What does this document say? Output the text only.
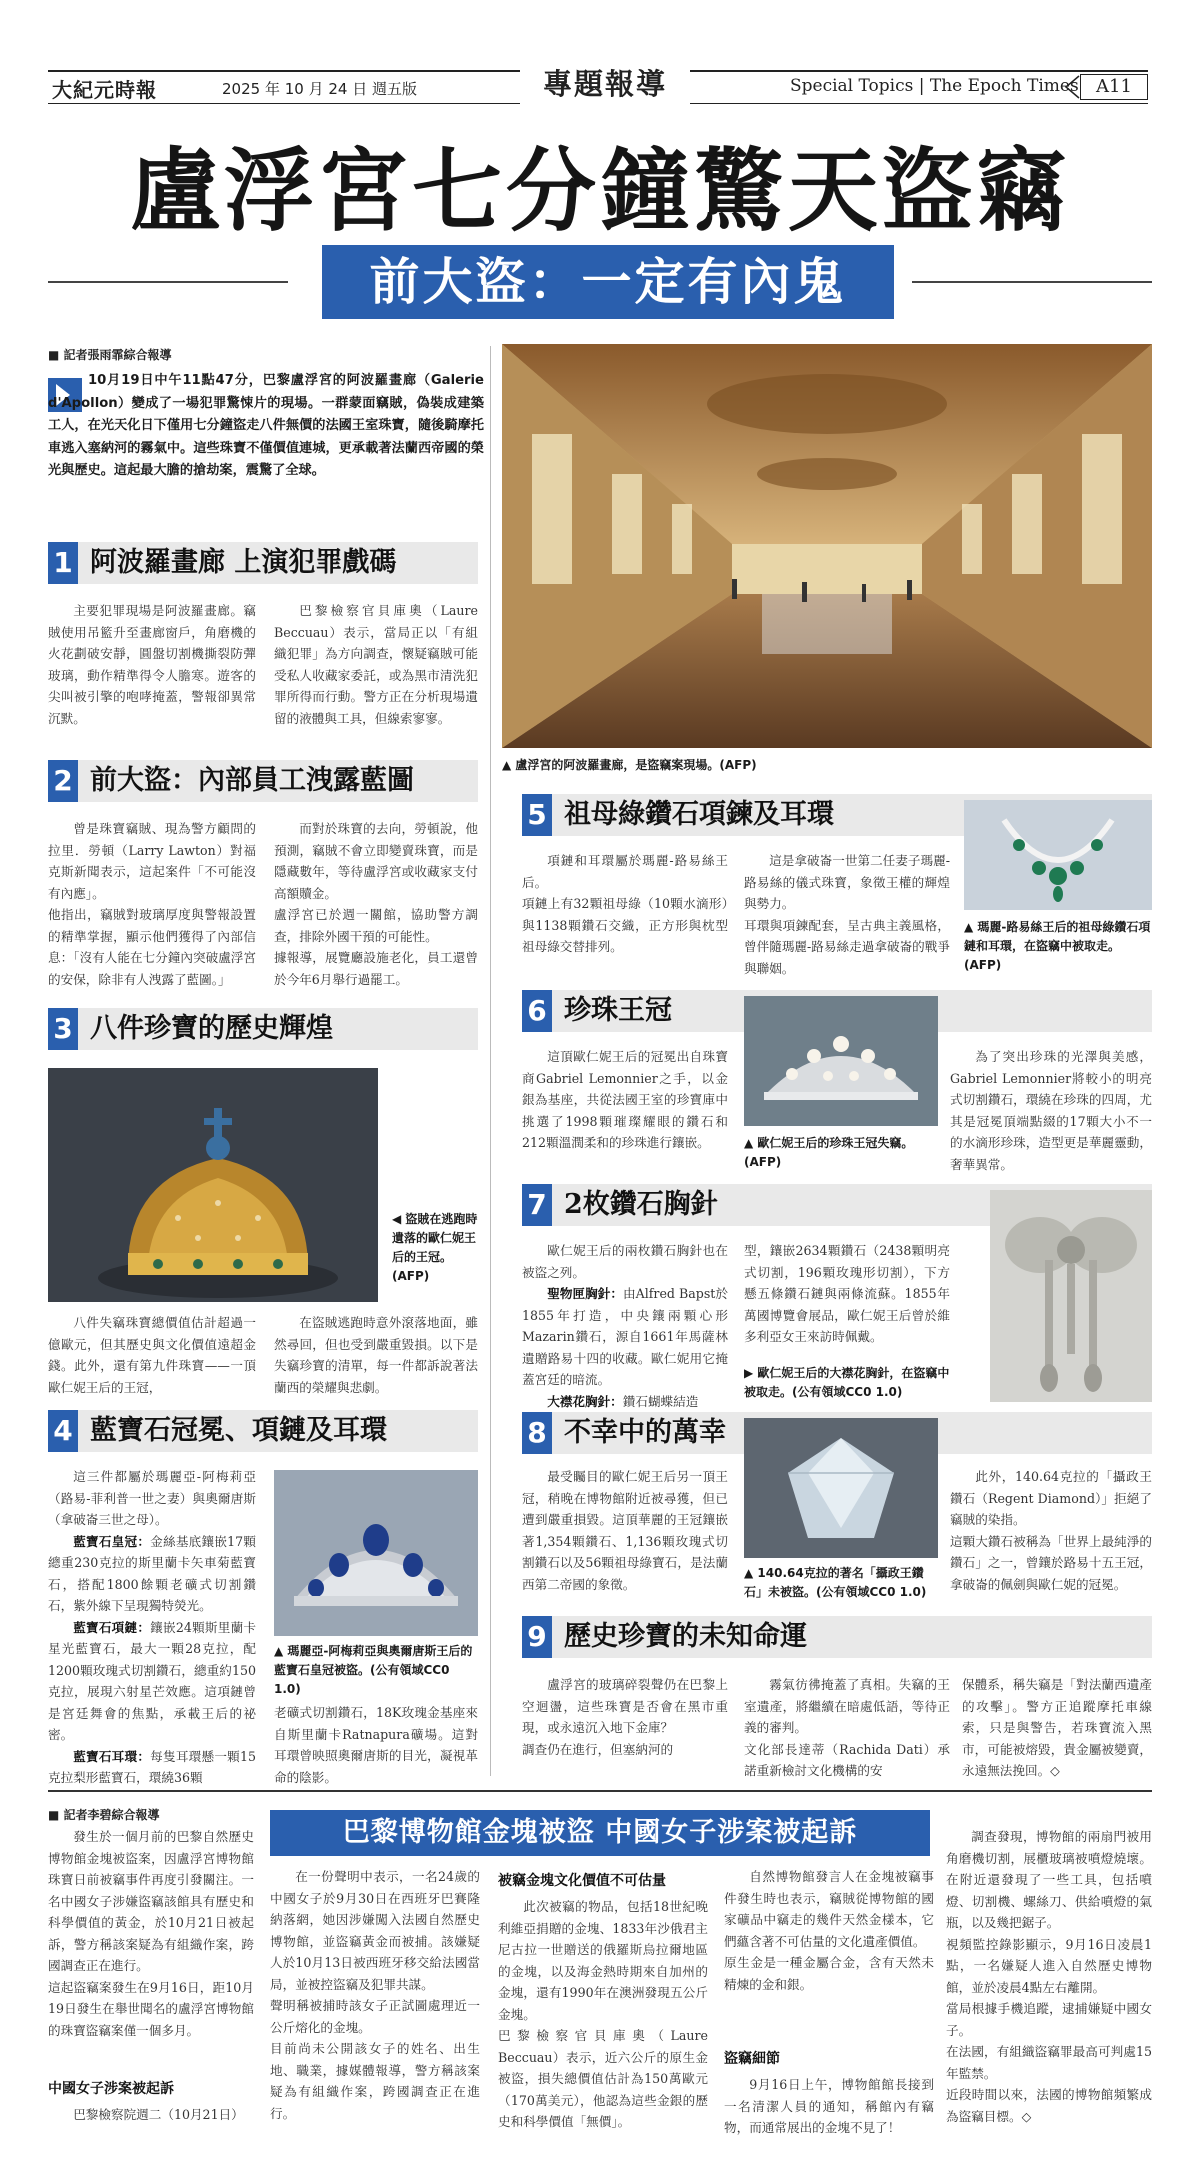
大紀元時報	2025 年 10 月 24 日 週五版	專題報導	Special Topics | The Epoch Times A11
盧浮宮七分鐘驚天盜竊
前大盜：一定有內鬼
■ 記者張雨霏綜合報導
10月19日中午11點47分，巴黎盧浮宮的阿波羅畫廊（Galerie d'Apollon）變成了一場犯罪驚悚片的現場。一群蒙面竊賊，偽裝成建築工人，在光天化日下僅用七分鐘盜走八件無價的法國王室珠寶，隨後騎摩托車逃入塞納河的霧氣中。這些珠寶不僅價值連城，更承載著法蘭西帝國的榮光與歷史。這起最大膽的搶劫案，震驚了全球。
▲ 盧浮宮的阿波羅畫廊，是盜竊案現場。(AFP)
1 阿波羅畫廊 上演犯罪戲碼
主要犯罪現場是阿波羅畫廊。竊賊使用吊籃升至畫廊窗戶，角磨機的火花劃破安靜，圓盤切割機撕裂防彈玻璃，動作精準得令人膽寒。遊客的尖叫被引擎的咆哮掩蓋，警報卻異常沉默。
巴黎檢察官貝庫奧（Laure Beccuau）表示，當局正以「有組織犯罪」為方向調查，懷疑竊賊可能受私人收藏家委託，或為黑市清洗犯罪所得而行動。警方正在分析現場遺留的液體與工具，但線索寥寥。
2 前大盜：內部員工洩露藍圖
曾是珠寶竊賊、現為警方顧問的拉里．勞頓（Larry Lawton）對福克斯新聞表示，這起案件「不可能沒有內應」。
他指出，竊賊對玻璃厚度與警報設置的精準掌握，顯示他們獲得了內部信息：「沒有人能在七分鐘內突破盧浮宮的安保，除非有人洩露了藍圖。」
而對於珠寶的去向，勞頓說，他預測，竊賊不會立即變賣珠寶，而是隱藏數年，等待盧浮宮或收藏家支付高額贖金。
盧浮宮已於週一關館，協助警方調查，排除外國干預的可能性。
據報導，展覽廳設施老化，員工還曾於今年6月舉行過罷工。
3 八件珍寶的歷史輝煌
◀ 盜賊在逃跑時遺落的歐仁妮王后的王冠。(AFP)
八件失竊珠寶總價值估計超過一億歐元，但其歷史與文化價值遠超金錢。此外，還有第九件珠寶——一頂歐仁妮王后的王冠，
在盜賊逃跑時意外滾落地面，雖然尋回，但也受到嚴重毀損。以下是失竊珍寶的清單，每一件都訴說著法蘭西的榮耀與悲劇。
4 藍寶石冠冕、項鏈及耳環
這三件都屬於瑪麗亞-阿梅莉亞（路易-菲利普一世之妻）與奧爾唐斯（拿破崙三世之母）。
藍寶石皇冠：金絲基底鑲嵌17顆總重230克拉的斯里蘭卡矢車菊藍寶石，搭配1800餘顆老礦式切割鑽石，紫外線下呈現獨特熒光。
藍寶石項鏈：鑲嵌24顆斯里蘭卡星光藍寶石，最大一顆28克拉，配1200顆玫瑰式切割鑽石，總重約150克拉，展現六射星芒效應。這項鏈曾是宮廷舞會的焦點，承載王后的祕密。
藍寶石耳環：每隻耳環懸一顆15克拉梨形藍寶石，環繞36顆
▲ 瑪麗亞-阿梅莉亞與奧爾唐斯王后的藍寶石皇冠被盜。(公有領域CC0 1.0)
老礦式切割鑽石，18K玫瑰金基座來自斯里蘭卡Ratnapura礦場。這對耳環曾映照奧爾唐斯的目光，凝視革命的陰影。
5 祖母綠鑽石項鍊及耳環
項鏈和耳環屬於瑪麗-路易絲王后。
項鏈上有32顆祖母綠（10顆水滴形）與1138顆鑽石交織，正方形與枕型祖母綠交替排列。
這是拿破崙一世第二任妻子瑪麗-路易絲的儀式珠寶，象徵王權的輝煌與勢力。
耳環與項鍊配套，呈古典主義風格，曾伴隨瑪麗-路易絲走過拿破崙的戰爭與聯姻。
▲ 瑪麗-路易絲王后的祖母綠鑽石項鏈和耳環，在盜竊中被取走。(AFP)
6 珍珠王冠
這頂歐仁妮王后的冠冕出自珠寶商Gabriel Lemonnier之手，以金銀為基座，共從法國王室的珍寶庫中挑選了1998顆璀璨耀眼的鑽石和212顆溫潤柔和的珍珠進行鑲嵌。	▲ 歐仁妮王后的珍珠王冠失竊。(AFP)
為了突出珍珠的光澤與美感，Gabriel Lemonnier將較小的明亮式切割鑽石，環繞在珍珠的四周，尤其是冠冕頂端點綴的17顆大小不一的水滴形珍珠，造型更是華麗靈動，奢華異常。
7 2枚鑽石胸針
歐仁妮王后的兩枚鑽石胸針也在被盜之列。
聖物匣胸針：由Alfred Bapst於1855年打造，中央鑲兩顆心形Mazarin鑽石，源自1661年馬薩林遺贈路易十四的收藏。歐仁妮用它掩蓋宮廷的暗流。
大襟花胸針：鑽石蝴蝶結造
型，鑲嵌2634顆鑽石（2438顆明亮式切割，196顆玫瑰形切割），下方懸五條鑽石鏈與兩條流蘇。1855年萬國博覽會展品，歐仁妮王后曾於維多利亞女王來訪時佩戴。
▶ 歐仁妮王后的大襟花胸針，在盜竊中被取走。(公有領域CC0 1.0)
8 不幸中的萬幸
最受矚目的歐仁妮王后另一頂王冠，稍晚在博物館附近被尋獲，但已遭到嚴重損毀。這頂華麗的王冠鑲嵌著1,354顆鑽石、1,136顆玫瑰式切割鑽石以及56顆祖母綠寶石，是法蘭西第二帝國的象徵。
▲ 140.64克拉的著名「攝政王鑽石」未被盜。(公有領域CC0 1.0)
此外，140.64克拉的「攝政王鑽石（Regent Diamond）」拒絕了竊賊的染指。
這顆大鑽石被稱為「世界上最純淨的鑽石」之一，曾鑲於路易十五王冠，拿破崙的佩劍與歐仁妮的冠冕。
9 歷史珍寶的未知命運
盧浮宮的玻璃碎裂聲仍在巴黎上空迴盪，這些珠寶是否會在黑市重現，或永遠沉入地下金庫？
調查仍在進行，但塞納河的
霧氣彷彿掩蓋了真相。失竊的王室遺產，將繼續在暗處低語，等待正義的審判。
文化部長達蒂（Rachida Dati）承諾重新檢討文化機構的安
保體系，稱失竊是「對法蘭西遺產的攻擊」。警方正追蹤摩托車線索，只是與警告，若珠寶流入黑市，可能被熔毀，貴金屬被變賣，永遠無法挽回。◇
■ 記者李碧綜合報導
巴黎博物館金塊被盜 中國女子涉案被起訴
發生於一個月前的巴黎自然歷史博物館金塊被盜案，因盧浮宮博物館珠寶日前被竊事件再度引發關注。一名中國女子涉嫌盜竊該館具有歷史和科學價值的黃金，於10月21日被起訴，警方稱該案疑為有組織作案，跨國調查正在進行。
這起盜竊案發生在9月16日，距10月19日發生在舉世聞名的盧浮宮博物館的珠寶盜竊案僅一個多月。
中國女子涉案被起訴
巴黎檢察院週二（10月21日）
在一份聲明中表示，一名24歲的中國女子於9月30日在西班牙巴賽隆納落網，她因涉嫌闖入法國自然歷史博物館，並盜竊黃金而被捕。該嫌疑人於10月13日被西班牙移交給法國當局，並被控盜竊及犯罪共謀。
聲明稱被捕時該女子正試圖處理近一公斤熔化的金塊。
目前尚未公開該女子的姓名、出生地、職業，據媒體報導，警方稱該案疑為有組織作案，跨國調查正在進行。
被竊金塊文化價值不可估量
此次被竊的物品，包括18世紀晚利維亞捐贈的金塊、1833年沙俄君主尼古拉一世贈送的俄羅斯烏拉爾地區的金塊，以及海金熱時期來自加州的金塊，還有1990年在澳洲發現五公斤金塊。
巴黎檢察官貝庫奧（Laure Beccuau）表示，近六公斤的原生金被盜，損失總價值估計為150萬歐元（170萬美元），他認為這些金銀的歷史和科學價值「無價」。
自然博物館發言人在金塊被竊事件發生時也表示，竊賊從博物館的國家礦品中竊走的幾件天然金樣本，它們蘊含著不可估量的文化遺產價值。
原生金是一種金屬合金，含有天然未精煉的金和銀。
盜竊細節
9月16日上午，博物館館長接到一名清潔人員的通知，稱館內有竊物，而通常展出的金塊不見了！
調查發現，博物館的兩扇門被用角磨機切割，展櫃玻璃被噴燈燒壞。在附近還發現了一些工具，包括噴燈、切割機、螺絲刀、供給噴燈的氣瓶，以及幾把鋸子。
視頻監控錄影顯示，9月16日凌晨1點，一名嫌疑人進入自然歷史博物館，並於凌晨4點左右離開。
當局根據手機追蹤，逮捕嫌疑中國女子。
在法國，有組織盜竊罪最高可判處15年監禁。
近段時間以來，法國的博物館頻繁成為盜竊目標。◇
